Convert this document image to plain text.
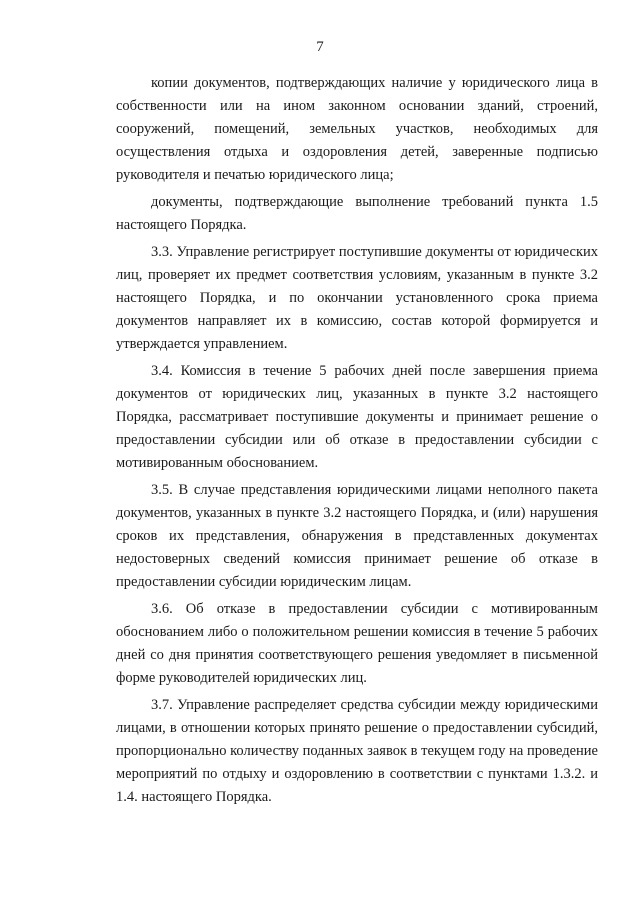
7

копии документов, подтверждающих наличие у юридического лица в собственности или на ином законном основании зданий, строений, сооружений, помещений, земельных участков, необходимых для осуществления отдыха и оздоровления детей, заверенные подписью руководителя и печатью юридического лица;

документы, подтверждающие выполнение требований пункта 1.5 настоящего Порядка.

3.3. Управление регистрирует поступившие документы от юридических лиц, проверяет их предмет соответствия условиям, указанным в пункте 3.2 настоящего Порядка, и по окончании установленного срока приема документов направляет их в комиссию, состав которой формируется и утверждается управлением.

3.4. Комиссия в течение 5 рабочих дней после завершения приема документов от юридических лиц, указанных в пункте 3.2 настоящего Порядка, рассматривает поступившие документы и принимает решение о предоставлении субсидии или об отказе в предоставлении субсидии с мотивированным обоснованием.

3.5. В случае представления юридическими лицами неполного пакета документов, указанных в пункте 3.2 настоящего Порядка, и (или) нарушения сроков их представления, обнаружения в представленных документах недостоверных сведений комиссия принимает решение об отказе в предоставлении субсидии юридическим лицам.

3.6. Об отказе в предоставлении субсидии с мотивированным обоснованием либо о положительном решении комиссия в течение 5 рабочих дней со дня принятия соответствующего решения уведомляет в письменной форме руководителей юридических лиц.

3.7. Управление распределяет средства субсидии между юридическими лицами, в отношении которых принято решение о предоставлении субсидий, пропорционально количеству поданных заявок в текущем году на проведение мероприятий по отдыху и оздоровлению в соответствии с пунктами 1.3.2. и 1.4. настоящего Порядка.
